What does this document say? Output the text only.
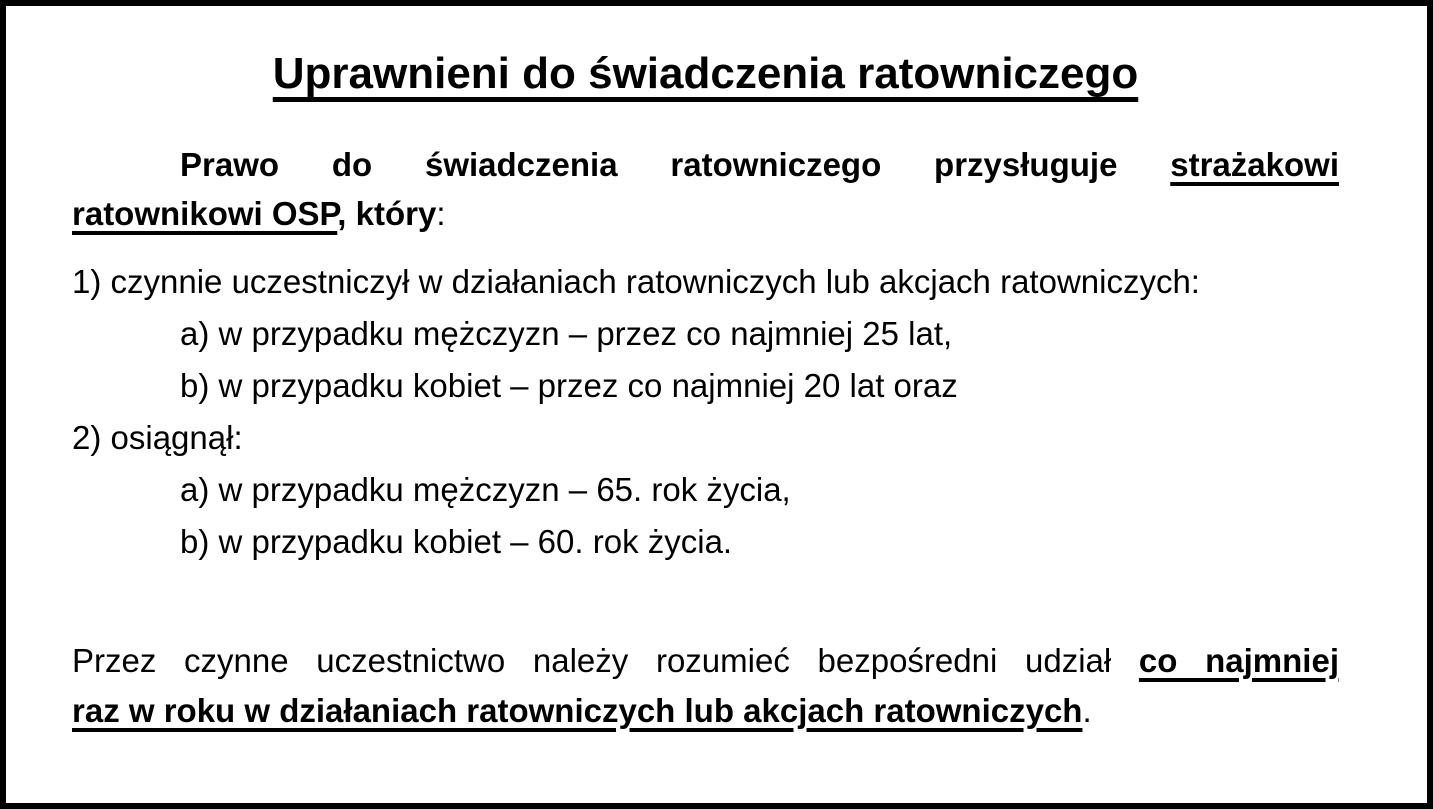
Uprawnieni do świadczenia ratowniczego
Prawo do świadczenia ratowniczego przysługuje strażakowi
ratownikowi OSP, który:
1) czynnie uczestniczył w działaniach ratowniczych lub akcjach ratowniczych:
a) w przypadku mężczyzn – przez co najmniej 25 lat,
b) w przypadku kobiet – przez co najmniej 20 lat oraz
2) osiągnął:
a) w przypadku mężczyzn – 65. rok życia,
b) w przypadku kobiet – 60. rok życia.
Przez czynne uczestnictwo należy rozumieć bezpośredni udział co najmniej
raz w roku w działaniach ratowniczych lub akcjach ratowniczych.
